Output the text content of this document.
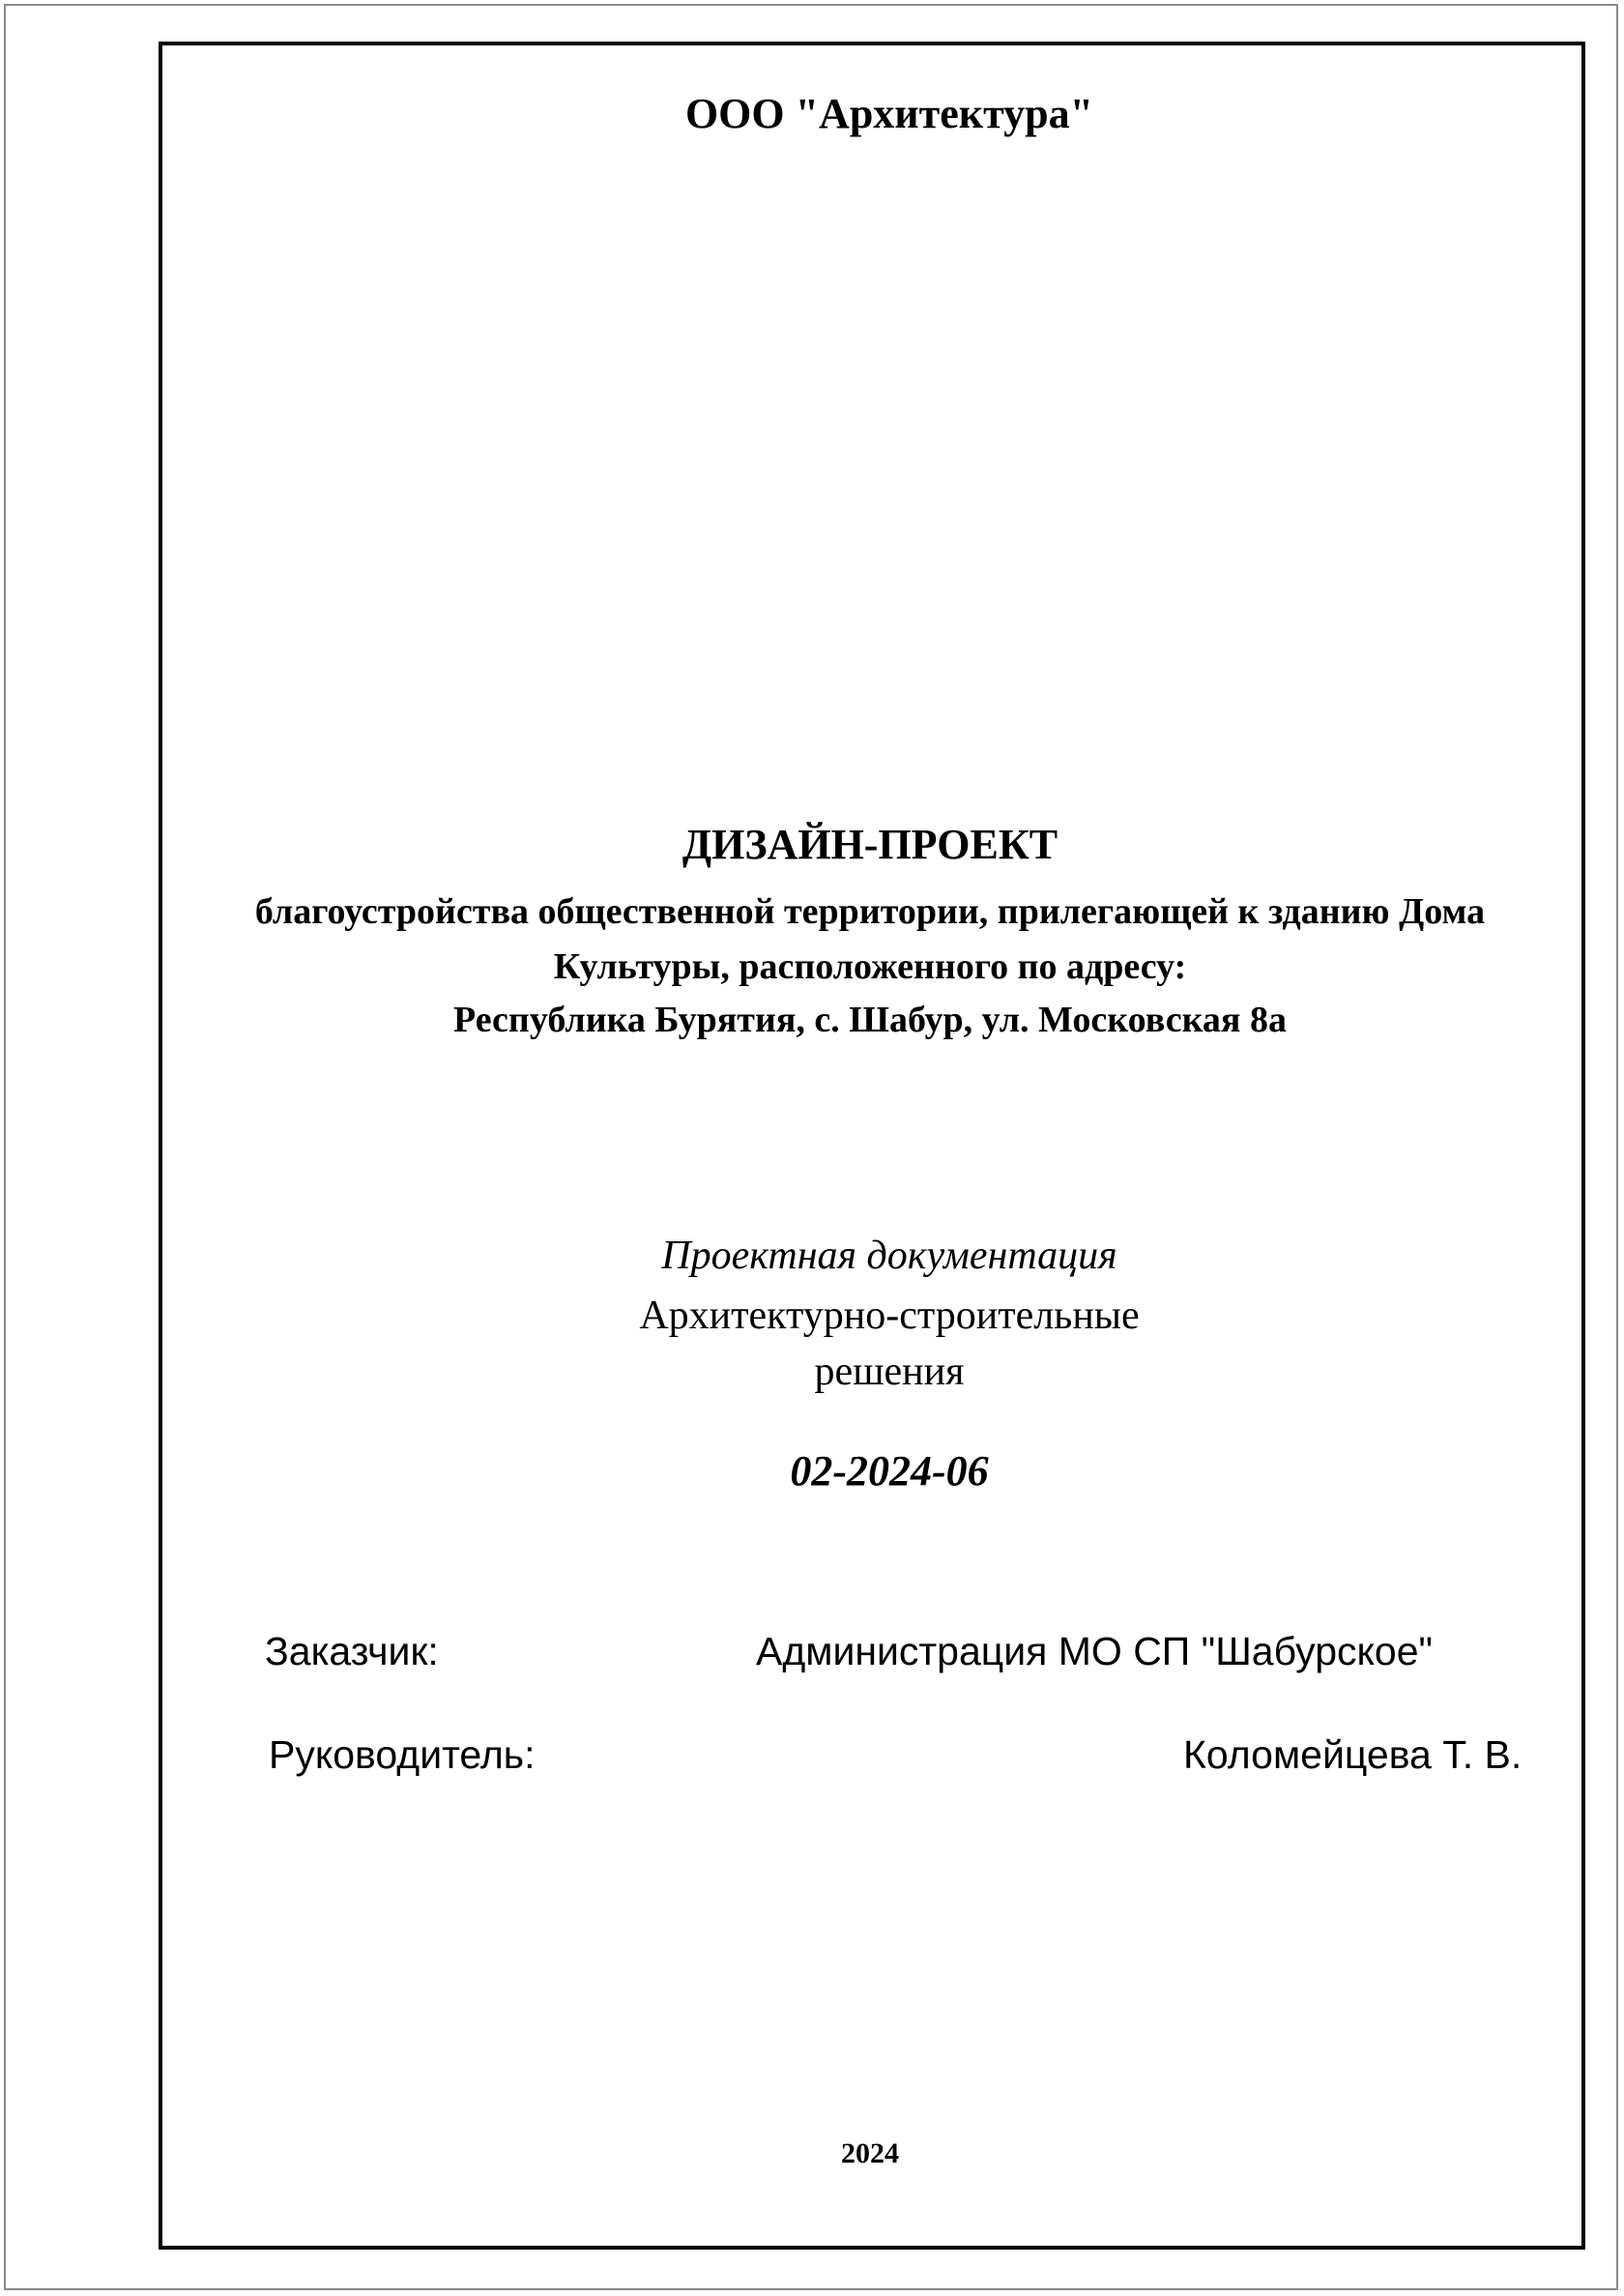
ООО "Архитектура"
ДИЗАЙН-ПРОЕКТ
благоустройства общественной территории, прилегающей к зданию Дома
Культуры, расположенного по адресу:
Республика Бурятия, с. Шабур, ул. Московская 8а
Проектная документация
Архитектурно-строительные
решения
02-2024-06
Заказчик:	Администрация МО СП "Шабурское"
Руководитель:	Коломейцева Т. В.
2024
